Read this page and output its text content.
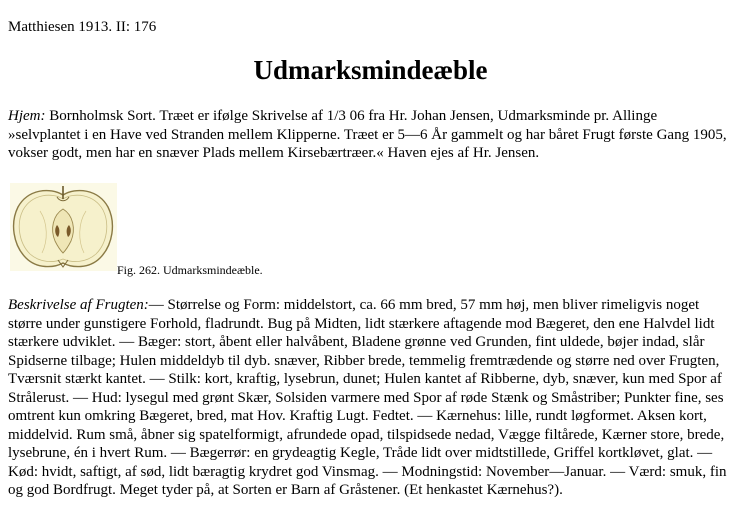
Matthiesen 1913. II: 176
Udmarksmindeæble

Hjem: Bornholmsk Sort. Træet er ifølge Skrivelse af 1/3 06 fra Hr. Johan Jensen, Udmarksminde pr. Allinge »selvplantet i en Have ved Stranden mellem Klipperne. Træet er 5—6 År gammelt og har båret Frugt første Gang 1905, vokser godt, men har en snæver Plads mellem Kirsebærtræer.« Haven ejes af Hr. Jensen.

Fig. 262. Udmarksmindeæble.

Beskrivelse af Frugten:— Størrelse og Form: middelstort, ca. 66 mm bred, 57 mm høj, men bliver rimeligvis noget større under gunstigere Forhold, fladrundt. Bug på Midten, lidt stærkere aftagende mod Bægeret, den ene Halvdel lidt stærkere udviklet. — Bæger: stort, åbent eller halvåbent, Bladene grønne ved Grunden, fint uldede, bøjer indad, slår Spidserne tilbage; Hulen middeldyb til dyb. snæver, Ribber brede, temmelig fremtrædende og større ned over Frugten, Tværsnit stærkt kantet. — Stilk: kort, kraftig, lysebrun, dunet; Hulen kantet af Ribberne, dyb, snæver, kun med Spor af Strålerust. — Hud: lysegul med grønt Skær, Solsiden varmere med Spor af røde Stænk og Småstriber; Punkter fine, ses omtrent kun omkring Bægeret, bred, mat Hov. Kraftig Lugt. Fedtet. — Kærnehus: lille, rundt løgformet. Aksen kort, middelvid. Rum små, åbner sig spatelformigt, afrundede opad, tilspidsede nedad, Vægge filtårede, Kærner store, brede, lysebrune, én i hvert Rum. — Bægerrør: en grydeagtig Kegle, Tråde lidt over midtstillede, Griffel kortkløvet, glat. — Kød: hvidt, saftigt, af sød, lidt bæragtig krydret god Vinsmag. — Modningstid: November—Januar. — Værd: smuk, fin og god Bordfrugt. Meget tyder på, at Sorten er Barn af Gråstener. (Et henkastet Kærnehus?).
